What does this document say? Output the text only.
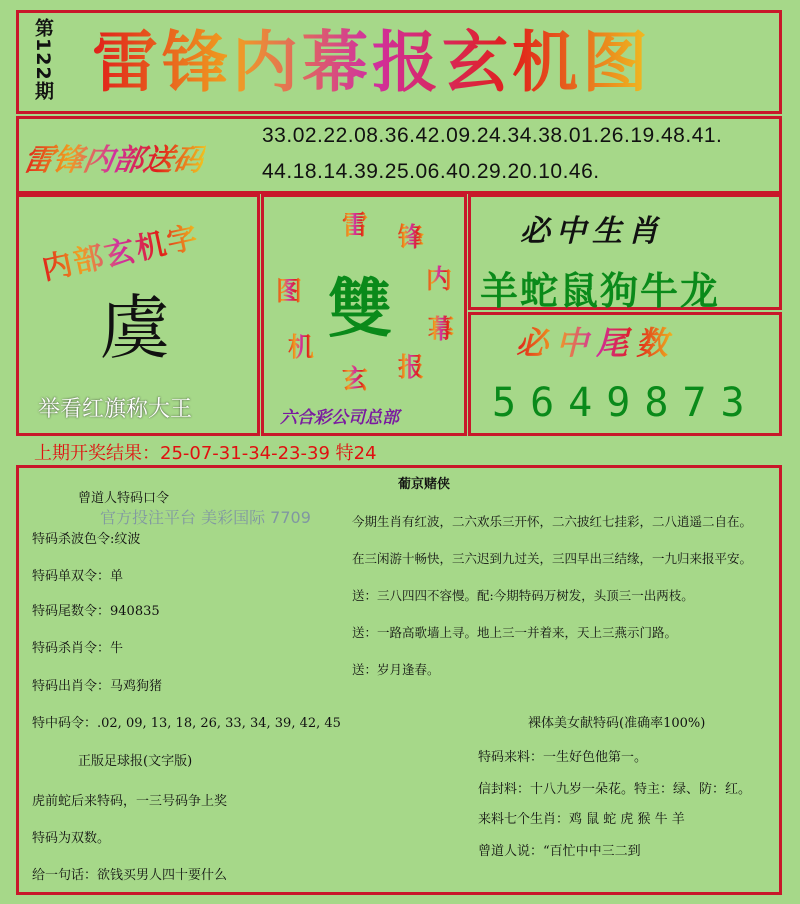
第122期 雷锋内幕报玄机图
雷锋内部送码
33.02.22.08.36.42.09.24.34.38.01.26.19.48.41.
44.18.14.39.25.06.40.29.20.10.46.
内部玄机字
虞
举看红旗称大王
雷 锋
内
幕
报
玄
机
图 雙
六合彩公司总部
必中生肖
羊蛇鼠狗牛龙
必中尾数
5649873
上期开奖结果：25-07-31-34-23-39 特24
官方投注平台 美彩国际 7709
曾道人特码口令
特码杀波色令:纹波
特码单双令：单
特码尾数令：940835
特码杀肖令：牛
特码出肖令：马鸡狗猪
特中码令：.02, 09, 13, 18, 26, 33, 34, 39, 42, 45
正版足球报(文字版)
虎前蛇后来特码，一三号码争上奖
特码为双数。
给一句话：欲钱买男人四十要什么
葡京赌侠
今期生肖有红波，二六欢乐三开怀，二六披红七挂彩，二八逍遥二自在。
在三闲游十畅快，三六迟到九过关，三四早出三结缘，一九归来报平安。
送：三八四四不容慢。配:今期特码万树发，头顶三一出两枝。
送：一路高歌墙上寻。地上三一并着来，天上三燕示门路。
送：岁月逢春。
裸体美女献特码(准确率100%)
特码来料：一生好色他第一。
信封料：十八九岁一朵花。特主：绿、防：红。
来料七个生肖：鸡 鼠 蛇 虎 猴 牛 羊
曾道人说：“百忙中中三二到
